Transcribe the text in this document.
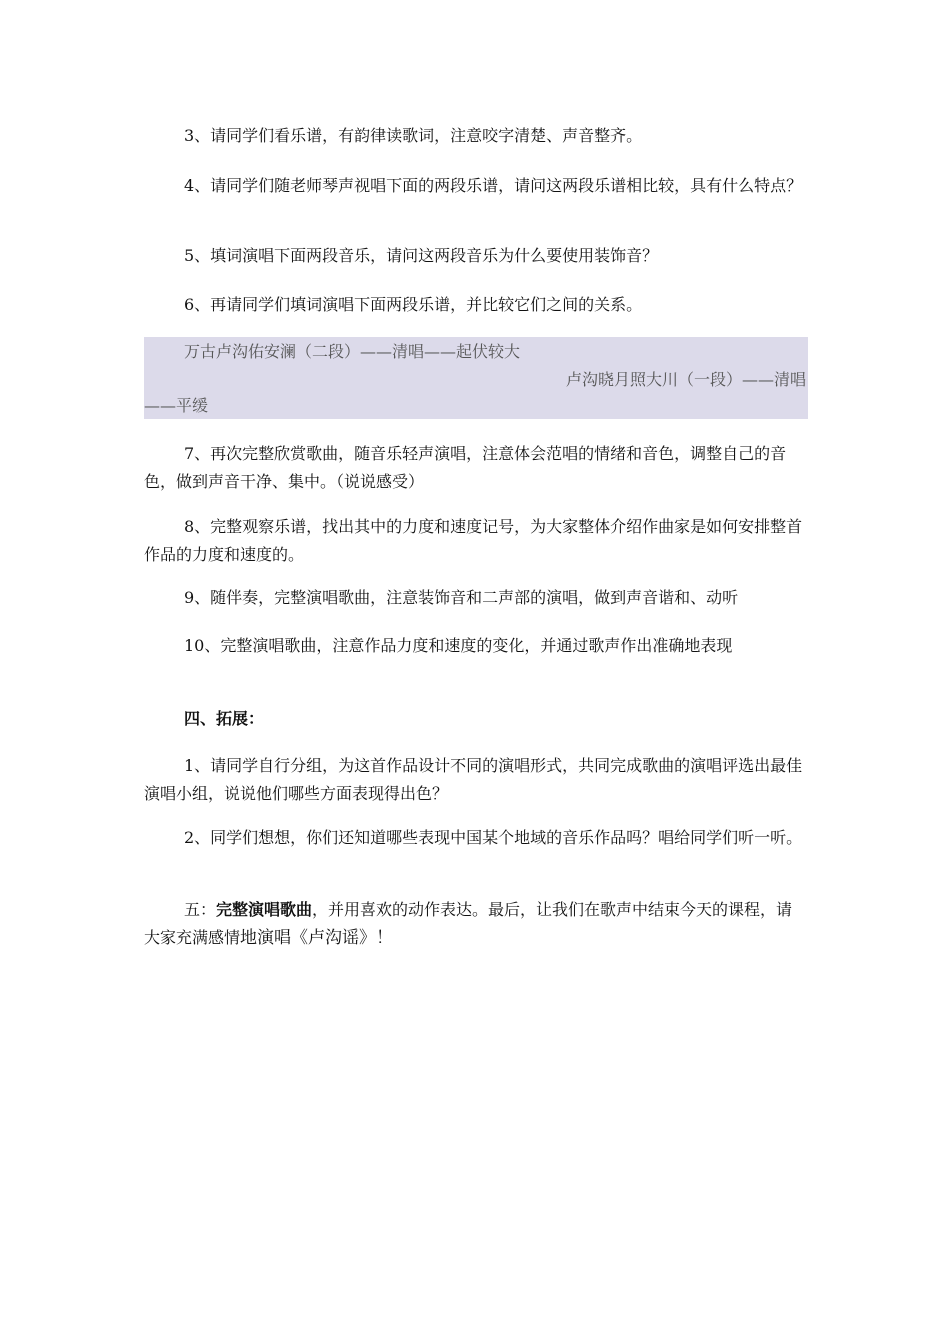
3、请同学们看乐谱，有韵律读歌词，注意咬字清楚、声音整齐。

4、请同学们随老师琴声视唱下面的两段乐谱，请问这两段乐谱相比较，具有什么特点？

5、填词演唱下面两段音乐，请问这两段音乐为什么要使用装饰音？

6、再请同学们填词演唱下面两段乐谱，并比较它们之间的关系。

万古卢沟佑安澜（二段）——清唱——起伏较大
卢沟晓月照大川（一段）——清唱
——平缓

7、再次完整欣赏歌曲，随音乐轻声演唱，注意体会范唱的情绪和音色，调整自己的音色，做到声音干净、集中。（说说感受）

8、完整观察乐谱，找出其中的力度和速度记号，为大家整体介绍作曲家是如何安排整首作品的力度和速度的。

9、随伴奏，完整演唱歌曲，注意装饰音和二声部的演唱，做到声音谐和、动听

10、完整演唱歌曲，注意作品力度和速度的变化，并通过歌声作出准确地表现

四、拓展：

1、请同学自行分组，为这首作品设计不同的演唱形式，共同完成歌曲的演唱评选出最佳演唱小组，说说他们哪些方面表现得出色？

2、同学们想想，你们还知道哪些表现中国某个地域的音乐作品吗？唱给同学们听一听。

五：完整演唱歌曲，并用喜欢的动作表达。最后，让我们在歌声中结束今天的课程，请大家充满感情地演唱《卢沟谣》！
